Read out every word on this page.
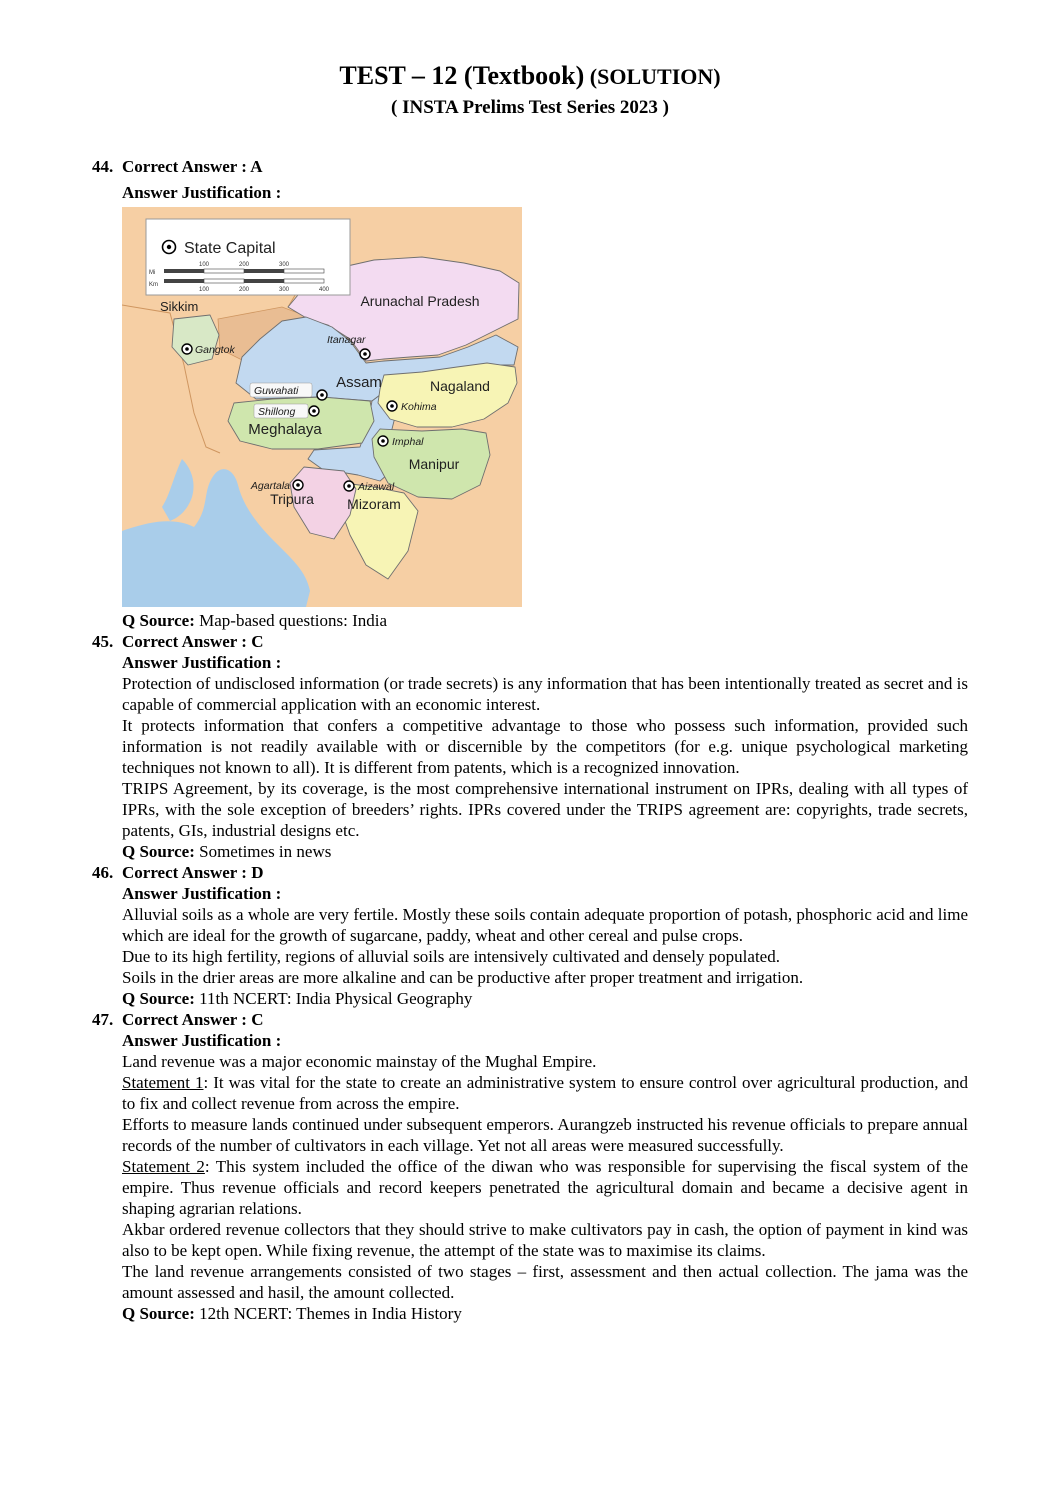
TEST – 12 (Textbook) (SOLUTION)
( INSTA Prelims Test Series 2023 )
44. Correct Answer : A
Answer Justification :
Sikkim	Arunachal Pradesh
Assam	Nagaland
Meghalaya
Manipur
Tripura Mizoram
Gangtok
Itanagar
Guwahati
Shillong	Kohima
Imphal
Agartala	Aizawal
State Capital
Mi
100	200	300
Km
100	200	300	400
Q Source: Map-based questions: India
45. Correct Answer : C
Answer Justification :
Protection of undisclosed information (or trade secrets) is any information that has been intentionally treated as secret and is capable of commercial application with an economic interest.
It protects information that confers a competitive advantage to those who possess such information, provided such information is not readily available with or discernible by the competitors (for e.g. unique psychological marketing techniques not known to all). It is different from patents, which is a recognized innovation.
TRIPS Agreement, by its coverage, is the most comprehensive international instrument on IPRs, dealing with all types of IPRs, with the sole exception of breeders’ rights. IPRs covered under the TRIPS agreement are: copyrights, trade secrets, patents, GIs, industrial designs etc.
Q Source: Sometimes in news
46. Correct Answer : D
Answer Justification :
Alluvial soils as a whole are very fertile. Mostly these soils contain adequate proportion of potash, phosphoric acid and lime which are ideal for the growth of sugarcane, paddy, wheat and other cereal and pulse crops.
Due to its high fertility, regions of alluvial soils are intensively cultivated and densely populated.
Soils in the drier areas are more alkaline and can be productive after proper treatment and irrigation.
Q Source: 11th NCERT: India Physical Geography
47. Correct Answer : C
Answer Justification :
Land revenue was a major economic mainstay of the Mughal Empire.
Statement 1: It was vital for the state to create an administrative system to ensure control over agricultural production, and to fix and collect revenue from across the empire.
Efforts to measure lands continued under subsequent emperors. Aurangzeb instructed his revenue officials to prepare annual records of the number of cultivators in each village. Yet not all areas were measured successfully.
Statement 2: This system included the office of the diwan who was responsible for supervising the fiscal system of the empire. Thus revenue officials and record keepers penetrated the agricultural domain and became a decisive agent in shaping agrarian relations.
Akbar ordered revenue collectors that they should strive to make cultivators pay in cash, the option of payment in kind was also to be kept open. While fixing revenue, the attempt of the state was to maximise its claims.
The land revenue arrangements consisted of two stages – first, assessment and then actual collection. The jama was the amount assessed and hasil, the amount collected.
Q Source: 12th NCERT: Themes in India History
